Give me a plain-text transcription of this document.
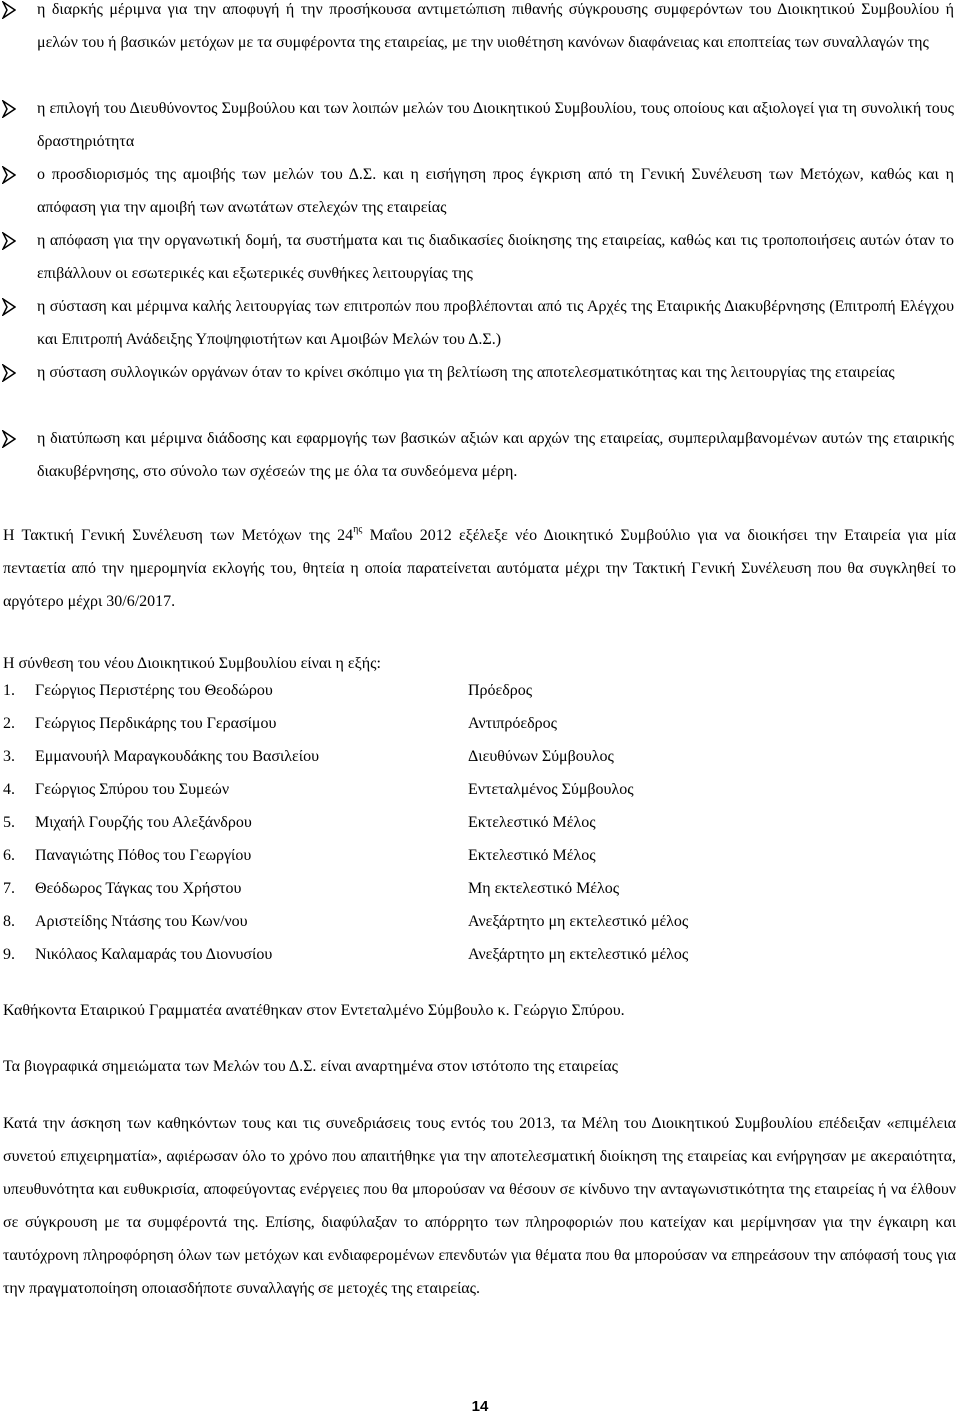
η διαρκής μέριμνα για την αποφυγή ή την προσήκουσα αντιμετώπιση πιθανής σύγκρουσης συμφερόντων του Διοικητικού Συμβουλίου ή μελών του ή βασικών μετόχων με τα συμφέροντα της εταιρείας, με την υιοθέτηση κανόνων διαφάνειας και εποπτείας των συναλλαγών της

η επιλογή του Διευθύνοντος Συμβούλου και των λοιπών μελών του Διοικητικού Συμβουλίου, τους οποίους και αξιολογεί για τη συνολική τους δραστηριότητα

ο προσδιορισμός της αμοιβής των μελών του Δ.Σ. και η εισήγηση προς έγκριση από τη Γενική Συνέλευση των Μετόχων, καθώς και η απόφαση για την αμοιβή των ανωτάτων στελεχών της εταιρείας

η απόφαση για την οργανωτική δομή, τα συστήματα και τις διαδικασίες διοίκησης της εταιρείας, καθώς και τις τροποποιήσεις αυτών όταν το επιβάλλουν οι εσωτερικές και εξωτερικές συνθήκες λειτουργίας της

η σύσταση και μέριμνα καλής λειτουργίας των επιτροπών που προβλέπονται από τις Αρχές της Εταιρικής Διακυβέρνησης (Επιτροπή Ελέγχου και Επιτροπή Ανάδειξης Υποψηφιοτήτων και Αμοιβών Μελών του Δ.Σ.)

η σύσταση συλλογικών οργάνων όταν το κρίνει σκόπιμο για τη βελτίωση της αποτελεσματικότητας και της λειτουργίας της εταιρείας

η διατύπωση και μέριμνα διάδοσης και εφαρμογής των βασικών αξιών και αρχών της εταιρείας, συμπεριλαμβανομένων αυτών της εταιρικής διακυβέρνησης, στο σύνολο των σχέσεών της με όλα τα συνδεόμενα μέρη.

Η Τακτική Γενική Συνέλευση των Μετόχων της $24^{\eta\varsigma}$ Μαΐου 2012 εξέλεξε νέο Διοικητικό Συμβούλιο για να διοικήσει την Εταιρεία για μία πενταετία από την ημερομηνία εκλογής του, θητεία η οποία παρατείνεται αυτόματα μέχρι την Τακτική Γενική Συνέλευση που θα συγκληθεί το αργότερο μέχρι 30/6/2017.

Η σύνθεση του νέου Διοικητικού Συμβουλίου είναι η εξής:

1.	Γεώργιος Περιστέρης του Θεοδώρου	Πρόεδρος
2.	Γεώργιος Περδικάρης του Γερασίμου	Αντιπρόεδρος
3.	Εμμανουήλ Μαραγκουδάκης του Βασιλείου	Διευθύνων Σύμβουλος
4.	Γεώργιος Σπύρου του Συμεών	Εντεταλμένος Σύμβουλος
5.	Μιχαήλ Γουρζής του Αλεξάνδρου	Εκτελεστικό Μέλος
6.	Παναγιώτης Πόθος του Γεωργίου	Εκτελεστικό Μέλος
7.	Θεόδωρος Τάγκας του Χρήστου	Μη εκτελεστικό Μέλος
8.	Αριστείδης Ντάσης του Κων/νου	Ανεξάρτητο μη εκτελεστικό μέλος
9.	Νικόλαος Καλαμαράς του Διονυσίου	Ανεξάρτητο μη εκτελεστικό μέλος

Καθήκοντα Εταιρικού Γραμματέα ανατέθηκαν στον Εντεταλμένο Σύμβουλο κ. Γεώργιο Σπύρου.

Τα βιογραφικά σημειώματα των Μελών του Δ.Σ. είναι αναρτημένα στον ιστότοπο της εταιρείας

Κατά την άσκηση των καθηκόντων τους και τις συνεδριάσεις τους εντός του 2013, τα Μέλη του Διοικητικού Συμβουλίου επέδειξαν «επιμέλεια συνετού επιχειρηματία», αφιέρωσαν όλο το χρόνο που απαιτήθηκε για την αποτελεσματική διοίκηση της εταιρείας και ενήργησαν με ακεραιότητα, υπευθυνότητα και ευθυκρισία, αποφεύγοντας ενέργειες που θα μπορούσαν να θέσουν σε κίνδυνο την ανταγωνιστικότητα της εταιρείας ή να έλθουν σε σύγκρουση με τα συμφέροντά της. Επίσης, διαφύλαξαν το απόρρητο των πληροφοριών που κατείχαν και μερίμνησαν για την έγκαιρη και ταυτόχρονη πληροφόρηση όλων των μετόχων και ενδιαφερομένων επενδυτών για θέματα που θα μπορούσαν να επηρεάσουν την απόφασή τους για την πραγματοποίηση οποιασδήποτε συναλλαγής σε μετοχές της εταιρείας.

14
